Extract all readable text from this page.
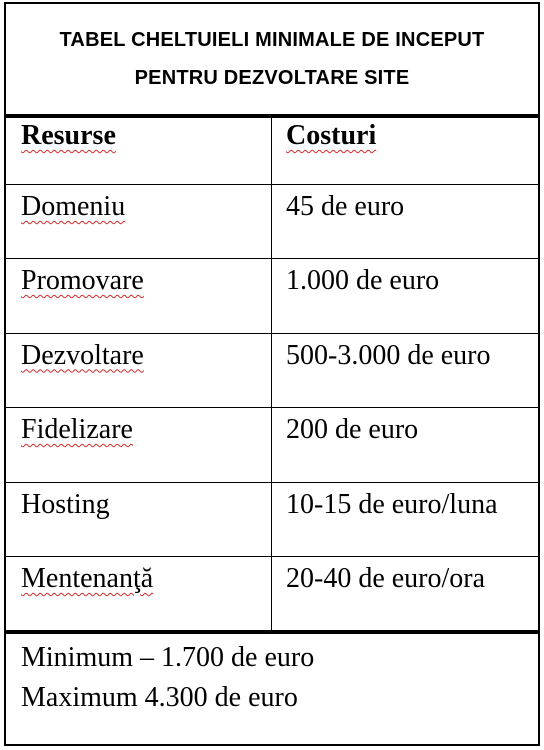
TABEL CHELTUIELI MINIMALE DE INCEPUT
PENTRU DEZVOLTARE SITE
Resurse	Costuri
Domeniu	45 de euro
Promovare	1.000 de euro
Dezvoltare	500-3.000 de euro
Fidelizare	200 de euro
Hosting	10-15 de euro/luna
Mentenanţă	20-40 de euro/ora
Minimum – 1.700 de euro
Maximum 4.300 de euro
